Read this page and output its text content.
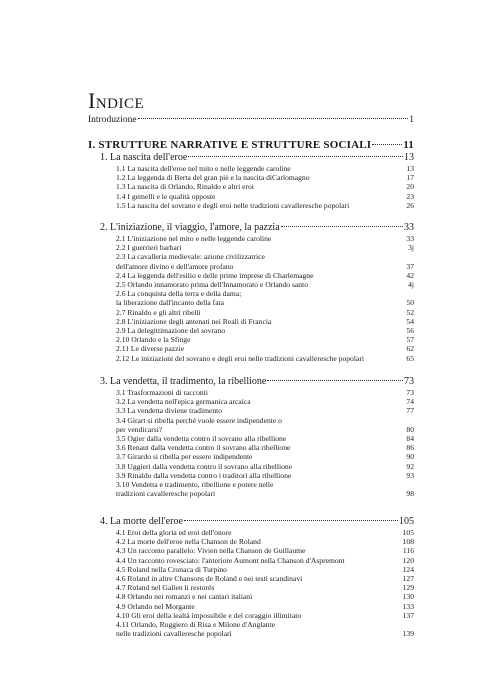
Indice
Introduzione	1
I. STRUTTURE NARRATIVE E STRUTTURE SOCIALI	11
1. La nascita dell'eroe	13
1.1 La nascita dell'eroe nel mito e nelle leggende caroline	13
1.2 La leggenda di Berta del gran piè e la nascita diCarlomagno	17
1.3 La nascita di Orlando, Rinaldo e altri eroi	20
1.4 I gemelli e le qualità opposte	23
1.5 La nascita del sovrano e degli eroi nelle tradizioni cavalleresche popolari	26
2. L'iniziazione, il viaggio, l'amore, la pazzia	33
2.1 L'iniziazione nel mito e nelle leggende caroline	33
2.2 I guerrieri barbari	3j
2.3 La cavalleria medievale: azione civilizzatrice
dell'amore divino e dell'amore profano	37
2.4 La leggenda dell'esilio e delle prime imprese di Charlemagne	42
2.5 Orlando innamorato prima dell'Innamorato e Orlando santo	4j
2.6 La conquista della terra e della dama;
la liberazione dall'incanto della fata	50
2.7 Rinaldo e gli altri ribelli	52
2.8 L'iniziazione degli antenati nei Reali di Francia	54
2.9 La delegittimazione del sovrano	56
2.10 Orlando e la Sfinge	57
2.11 Le diverse pazzie	62
2.12 Le iniziazioni del sovrano e degli eroi nelle tradizioni cavalleresche popolari	65
3. La vendetta, il tradimento, la ribellione	73
3.1 Trasformazioni di racconti	73
3.2 La vendetta nell'epica germanica arcaica	74
3.3 La vendetta diviene tradimento	77
3.4 Girart si ribella perché vuole essere indipendente o
per vendicarsi?	80
3.5 Ogier dalla vendetta contro il sovrano alla ribellione	84
3.6 Renaut dalla vendetta contro il sovrano alla ribellione	86
3.7 Girardo si ribella per essere indipendente	90
3.8 Uggieri dalla vendetta contro il sovrano alla ribellione	92
3.9 Rinaldo dalla vendetta contro i traditori alla ribellione	93
3.10 Vendetta e tradimento, ribellione e potere nelle
tradizioni cavalleresche popolari	98
4. La morte dell'eroe	105
4.1 Eroi della gloria ed eroi dell'onore	105
4.2 La morte dell'eroe nella Chanson de Roland	108
4.3 Un racconto parallelo: Vivien nella Chanson de Guillaume	116
4.4 Un racconto rovesciato: l'anteriore Aumont nella Chanson d'Aspremont	120
4.5 Roland nella Cronaca di Turpino	124
4.6 Roland in altre Chansons de Roland e nei testi scandinavi	127
4.7 Roland nel Galien li restorés	129
4.8 Orlando nei romanzi e nei cantari italiani	130
4.9 Orlando nel Morgante	133
4.10 Gli eroi della lealtà impossibile e del coraggio illimitato	137
4.11 Orlando, Ruggiero di Risa e Milone d'Anglante
nelle tradizioni cavalleresche popolari	139
